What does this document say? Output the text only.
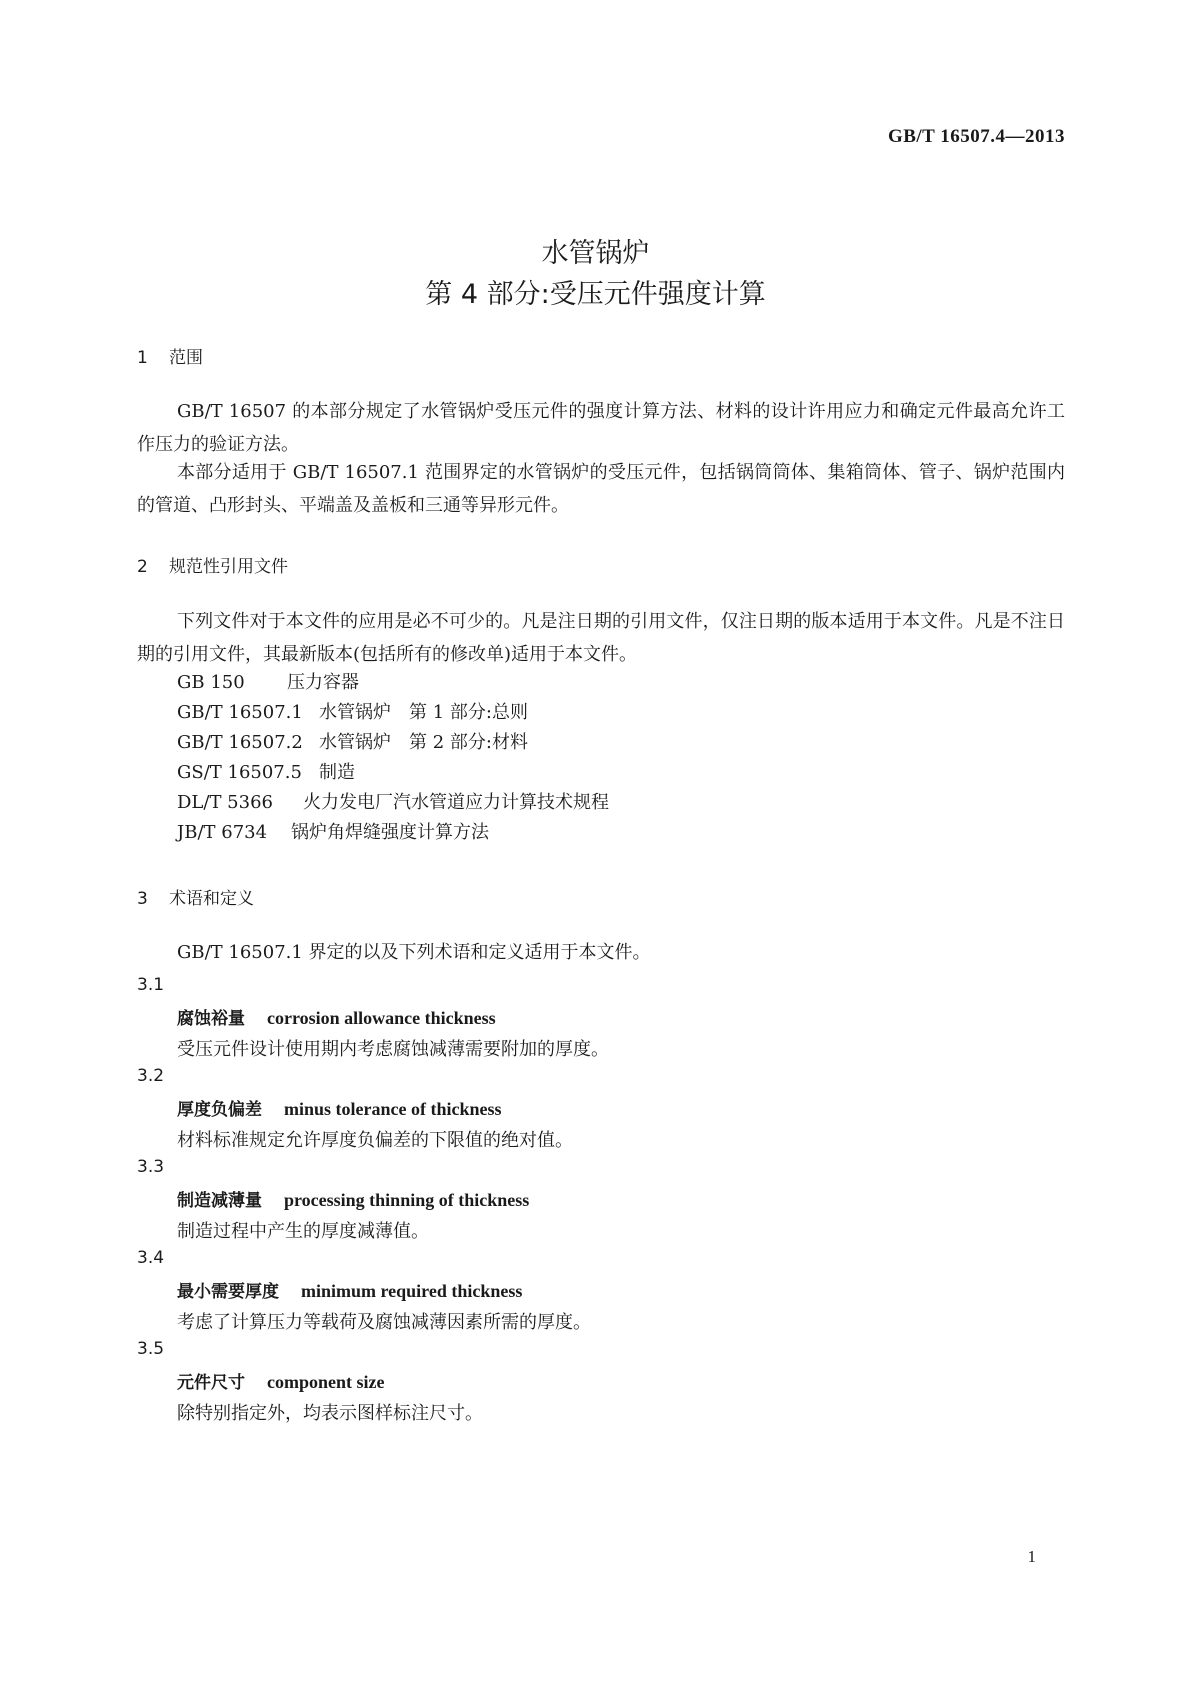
GB/T 16507.4—2013
水管锅炉
第 4 部分:受压元件强度计算
1 范围
GB/T 16507 的本部分规定了水管锅炉受压元件的强度计算方法、材料的设计许用应力和确定元件最高允许工作压力的验证方法。
本部分适用于 GB/T 16507.1 范围界定的水管锅炉的受压元件，包括锅筒筒体、集箱筒体、管子、锅炉范围内的管道、凸形封头、平端盖及盖板和三通等异形元件。
2 规范性引用文件
下列文件对于本文件的应用是必不可少的。凡是注日期的引用文件，仅注日期的版本适用于本文件。凡是不注日期的引用文件，其最新版本(包括所有的修改单)适用于本文件。
GB 150 压力容器
GB/T 16507.1 水管锅炉　第 1 部分:总则
GB/T 16507.2 水管锅炉　第 2 部分:材料
GS/T 16507.5 制造
DL/T 5366 火力发电厂汽水管道应力计算技术规程
JB/T 6734 锅炉角焊缝强度计算方法
3 术语和定义
GB/T 16507.1 界定的以及下列术语和定义适用于本文件。
3.1
腐蚀裕量 corrosion allowance thickness
受压元件设计使用期内考虑腐蚀减薄需要附加的厚度。
3.2
厚度负偏差 minus tolerance of thickness
材料标准规定允许厚度负偏差的下限值的绝对值。
3.3
制造减薄量 processing thinning of thickness
制造过程中产生的厚度减薄值。
3.4
最小需要厚度 minimum required thickness
考虑了计算压力等载荷及腐蚀减薄因素所需的厚度。
3.5
元件尺寸 component size
除特别指定外，均表示图样标注尺寸。
1
